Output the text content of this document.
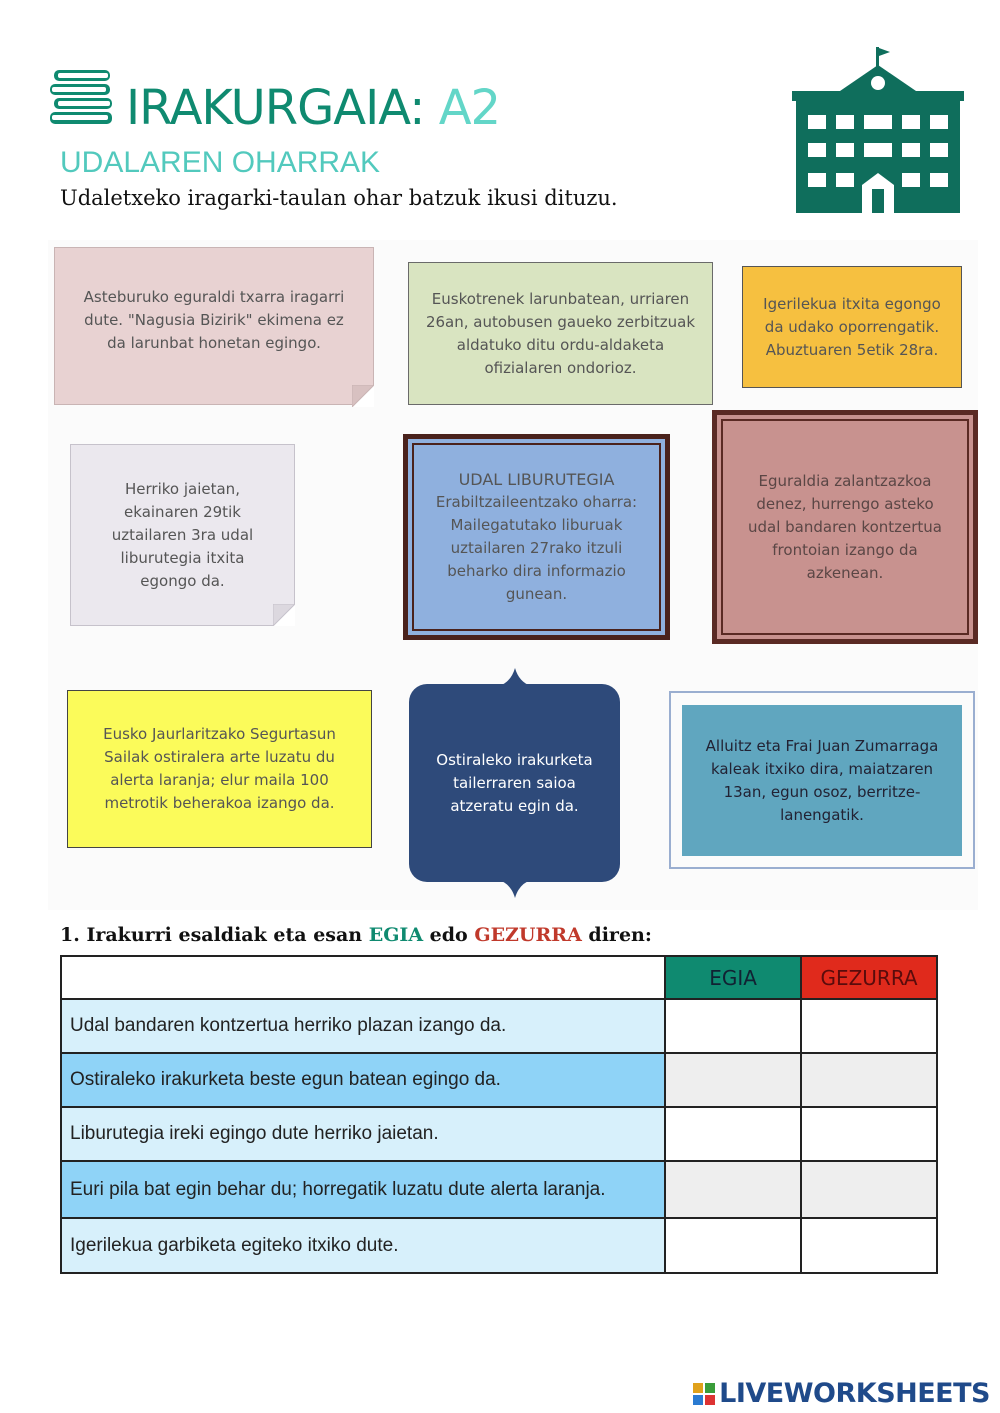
IRAKURGAIA: A2
UDALAREN OHARRAK
Udaletxeko iragarki-taulan ohar batzuk ikusi dituzu.
Asteburuko eguraldi txarra iragarri
dute. "Nagusia Bizirik" ekimena ez
da larunbat honetan egingo.
Euskotrenek larunbatean, urriaren
26an, autobusen gaueko zerbitzuak
aldatuko ditu ordu-aldaketa
ofizialaren ondorioz.
Igerilekua itxita egongo
da udako oporrengatik.
Abuztuaren 5etik 28ra.
Herriko jaietan,
ekainaren 29tik
uztailaren 3ra udal
liburutegia itxita
egongo da.
UDAL LIBURUTEGIA
Erabiltzaileentzako oharra:
Mailegatutako liburuak
uztailaren 27rako itzuli
beharko dira informazio
gunean.
Eguraldia zalantzazkoa
denez, hurrengo asteko
udal bandaren kontzertua
frontoian izango da
azkenean.
Eusko Jaurlaritzako Segurtasun
Sailak ostiralera arte luzatu du
alerta laranja; elur maila 100
metrotik beherakoa izango da.
Ostiraleko irakurketa
tailerraren saioa
atzeratu egin da.
Alluitz eta Frai Juan Zumarraga
kaleak itxiko dira, maiatzaren
13an, egun osoz, berritze-
lanengatik.
1. Irakurri esaldiak eta esan EGIA edo GEZURRA diren:
	EGIA	GEZURRA
Udal bandaren kontzertua herriko plazan izango da.		
Ostiraleko irakurketa beste egun batean egingo da.		
Liburutegia ireki egingo dute herriko jaietan.		
Euri pila bat egin behar du; horregatik luzatu dute alerta laranja.		
Igerilekua garbiketa egiteko itxiko dute.		
LIVEWORKSHEETS
